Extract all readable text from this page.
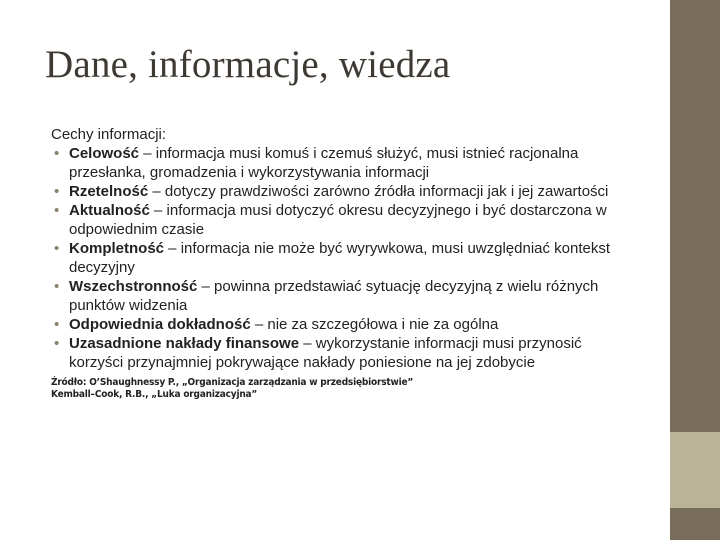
Dane, informacje, wiedza

Cechy informacji:

• Celowość – informacja musi komuś i czemuś służyć, musi istnieć racjonalna przesłanka, gromadzenia i wykorzystywania informacji
• Rzetelność – dotyczy prawdziwości zarówno źródła informacji jak i jej zawartości
• Aktualność – informacja musi dotyczyć okresu decyzyjnego i być dostarczona w odpowiednim czasie
• Kompletność – informacja nie może być wyrywkowa, musi uwzględniać kontekst decyzyjny
• Wszechstronność – powinna przedstawiać sytuację decyzyjną z wielu różnych punktów widzenia
• Odpowiednia dokładność – nie za szczegółowa i nie za ogólna
• Uzasadnione nakłady finansowe – wykorzystanie informacji musi przynosić korzyści przynajmniej pokrywające nakłady poniesione na jej zdobycie
Źródło: O’Shaughnessy P., „Organizacja zarządzania w przedsiębiorstwie”
Kemball–Cook, R.B., „Luka organizacyjna”
